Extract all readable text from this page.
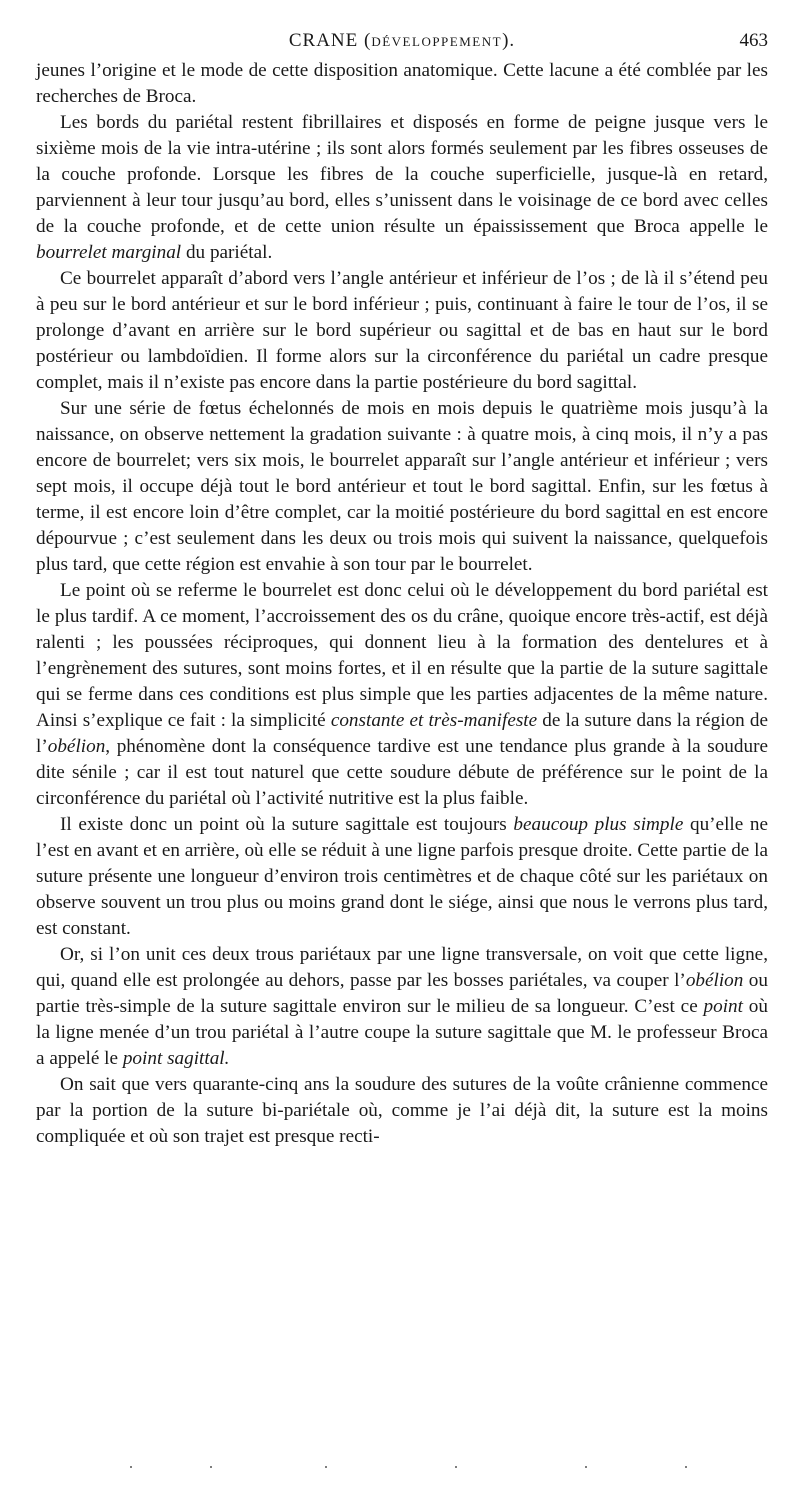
CRANE (DÉVELOPPEMENT).	463

jeunes l’origine et le mode de cette disposition anatomique. Cette lacune a été comblée par les recherches de Broca.

Les bords du pariétal restent fibrillaires et disposés en forme de peigne jusque vers le sixième mois de la vie intra-utérine ; ils sont alors formés seulement par les fibres osseuses de la couche profonde. Lorsque les fibres de la couche superficielle, jusque-là en retard, parviennent à leur tour jusqu’au bord, elles s’unissent dans le voisinage de ce bord avec celles de la couche profonde, et de cette union résulte un épaississement que Broca appelle le bourrelet marginal du pariétal.

Ce bourrelet apparaît d’abord vers l’angle antérieur et inférieur de l’os ; de là il s’étend peu à peu sur le bord antérieur et sur le bord inférieur ; puis, continuant à faire le tour de l’os, il se prolonge d’avant en arrière sur le bord supérieur ou sagittal et de bas en haut sur le bord postérieur ou lambdoïdien. Il forme alors sur la circonférence du pariétal un cadre presque complet, mais il n’existe pas encore dans la partie postérieure du bord sagittal.

Sur une série de fœtus échelonnés de mois en mois depuis le quatrième mois jusqu’à la naissance, on observe nettement la gradation suivante : à quatre mois, à cinq mois, il n’y a pas encore de bourrelet; vers six mois, le bourrelet apparaît sur l’angle antérieur et inférieur ; vers sept mois, il occupe déjà tout le bord antérieur et tout le bord sagittal. Enfin, sur les fœtus à terme, il est encore loin d’être complet, car la moitié postérieure du bord sagittal en est encore dépourvue ; c’est seulement dans les deux ou trois mois qui suivent la naissance, quelquefois plus tard, que cette région est envahie à son tour par le bourrelet.

Le point où se referme le bourrelet est donc celui où le développement du bord pariétal est le plus tardif. A ce moment, l’accroissement des os du crâne, quoique encore très-actif, est déjà ralenti ; les poussées réciproques, qui donnent lieu à la formation des dentelures et à l’engrènement des sutures, sont moins fortes, et il en résulte que la partie de la suture sagittale qui se ferme dans ces conditions est plus simple que les parties adjacentes de la même nature. Ainsi s’explique ce fait : la simplicité constante et très-manifeste de la suture dans la région de l’obélion, phénomène dont la conséquence tardive est une tendance plus grande à la soudure dite sénile ; car il est tout naturel que cette soudure débute de préférence sur le point de la circonférence du pariétal où l’activité nutritive est la plus faible.

Il existe donc un point où la suture sagittale est toujours beaucoup plus simple qu’elle ne l’est en avant et en arrière, où elle se réduit à une ligne parfois presque droite. Cette partie de la suture présente une longueur d’environ trois centimètres et de chaque côté sur les pariétaux on observe souvent un trou plus ou moins grand dont le siége, ainsi que nous le verrons plus tard, est constant.

Or, si l’on unit ces deux trous pariétaux par une ligne transversale, on voit que cette ligne, qui, quand elle est prolongée au dehors, passe par les bosses pariétales, va couper l’obélion ou partie très-simple de la suture sagittale environ sur le milieu de sa longueur. C’est ce point où la ligne menée d’un trou pariétal à l’autre coupe la suture sagittale que M. le professeur Broca a appelé le point sagittal.

On sait que vers quarante-cinq ans la soudure des sutures de la voûte crânienne commence par la portion de la suture bi-pariétale où, comme je l’ai déjà dit, la suture est la moins compliquée et où son trajet est presque recti-
